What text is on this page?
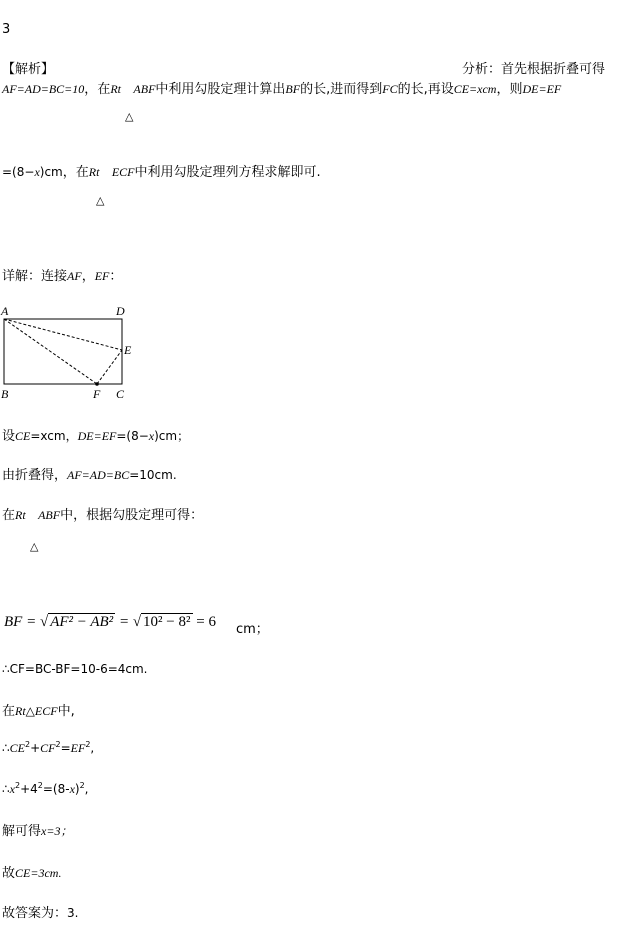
3
【解析】	分析：首先根据折叠可得
AF=AD=BC=10，在Rt ABF中利用勾股定理计算出BF的长,进而得到FC的长,再设CE=xcm，则DE=EF
△
=(8−x)cm，在Rt ECF中利用勾股定理列方程求解即可.
△
详解：连接AF，EF：
A	D
E
B	F C
设CE=xcm，DE=EF=(8−x)cm；
由折叠得，AF=AD=BC=10cm.
在Rt ABF中，根据勾股定理可得：
△
BF = √ AF² − AB² = √ 10² − 8² = 6 cm；
∴CF=BC-BF=10-6=4cm.
在Rt△ECF中,
$\therefore CE^2+CF^2=EF^2$,
$\therefore x^2+4^2=(8-x)^2$,
解可得x=3；
故CE=3cm.
故答案为：3.
